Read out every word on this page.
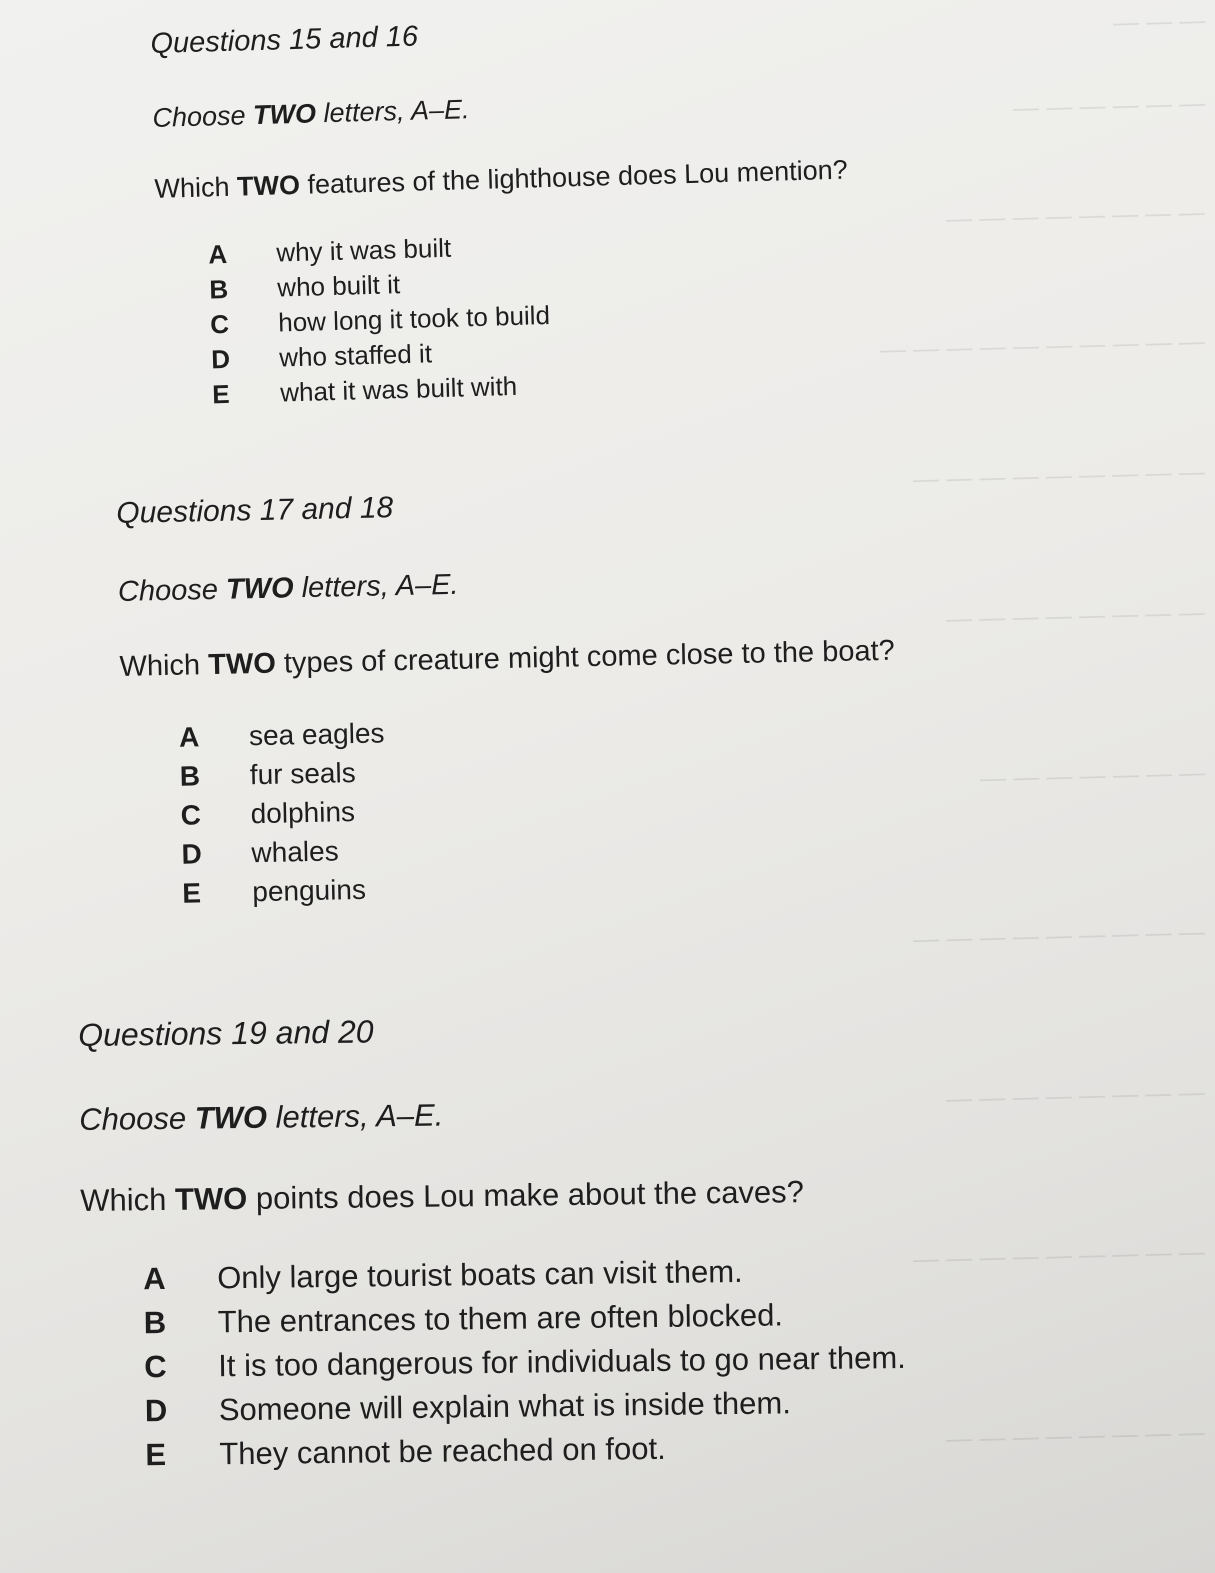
— — —
— — — — — —
— — — — — — — —
— — — — — — — — — —
— — — — — — — — —
— — — — — — — —
— — — — — — —
— — — — — — — — —
— — — — — — — —
— — — — — — — — —
— — — — — — — —
Questions 15 and 16
Choose TWO letters, A–E.
Which TWO features of the lighthouse does Lou mention?
A why it was built
B who built it
C how long it took to build
D who staffed it
E what it was built with
Questions 17 and 18
Choose TWO letters, A–E.
Which TWO types of creature might come close to the boat?
A sea eagles
B fur seals
C dolphins
D whales
E penguins
Questions 19 and 20
Choose TWO letters, A–E.
Which TWO points does Lou make about the caves?
A Only large tourist boats can visit them.
B The entrances to them are often blocked.
C It is too dangerous for individuals to go near them.
D Someone will explain what is inside them.
E They cannot be reached on foot.
